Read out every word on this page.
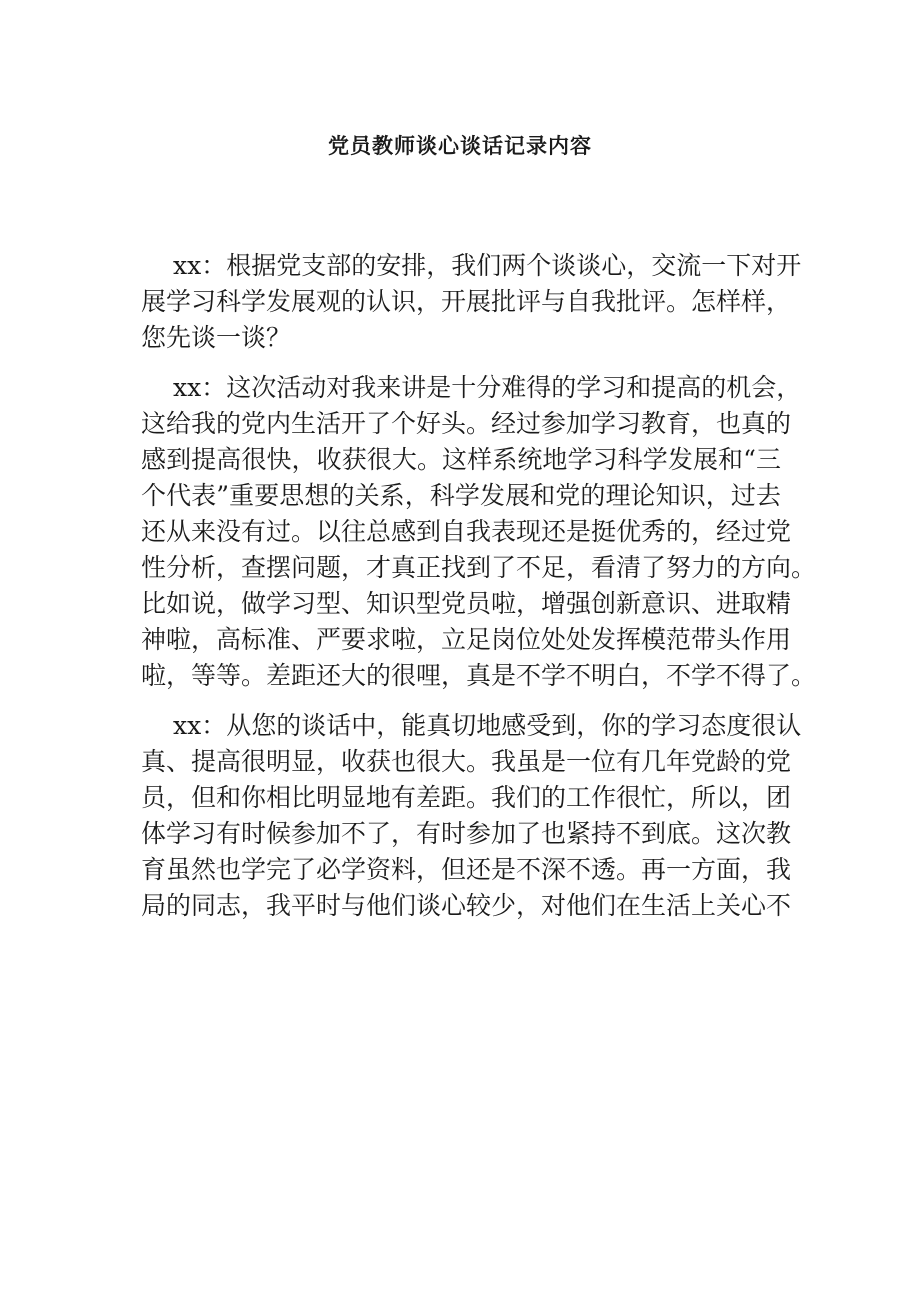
党员教师谈心谈话记录内容
xx：根据党支部的安排，我们两个谈谈心，交流一下对开
展学习科学发展观的认识，开展批评与自我批评。怎样样，
您先谈一谈？
xx：这次活动对我来讲是十分难得的学习和提高的机会，
这给我的党内生活开了个好头。经过参加学习教育，也真的
感到提高很快，收获很大。这样系统地学习科学发展和“三
个代表”重要思想的关系，科学发展和党的理论知识，过去
还从来没有过。以往总感到自我表现还是挺优秀的，经过党
性分析，查摆问题，才真正找到了不足，看清了努力的方向。
比如说，做学习型、知识型党员啦，增强创新意识、进取精
神啦，高标准、严要求啦，立足岗位处处发挥模范带头作用
啦，等等。差距还大的很哩，真是不学不明白，不学不得了。
xx：从您的谈话中，能真切地感受到，你的学习态度很认
真、提高很明显，收获也很大。我虽是一位有几年党龄的党
员，但和你相比明显地有差距。我们的工作很忙，所以，团
体学习有时候参加不了，有时参加了也紧持不到底。这次教
育虽然也学完了必学资料，但还是不深不透。再一方面，我
局的同志，我平时与他们谈心较少，对他们在生活上关心不
